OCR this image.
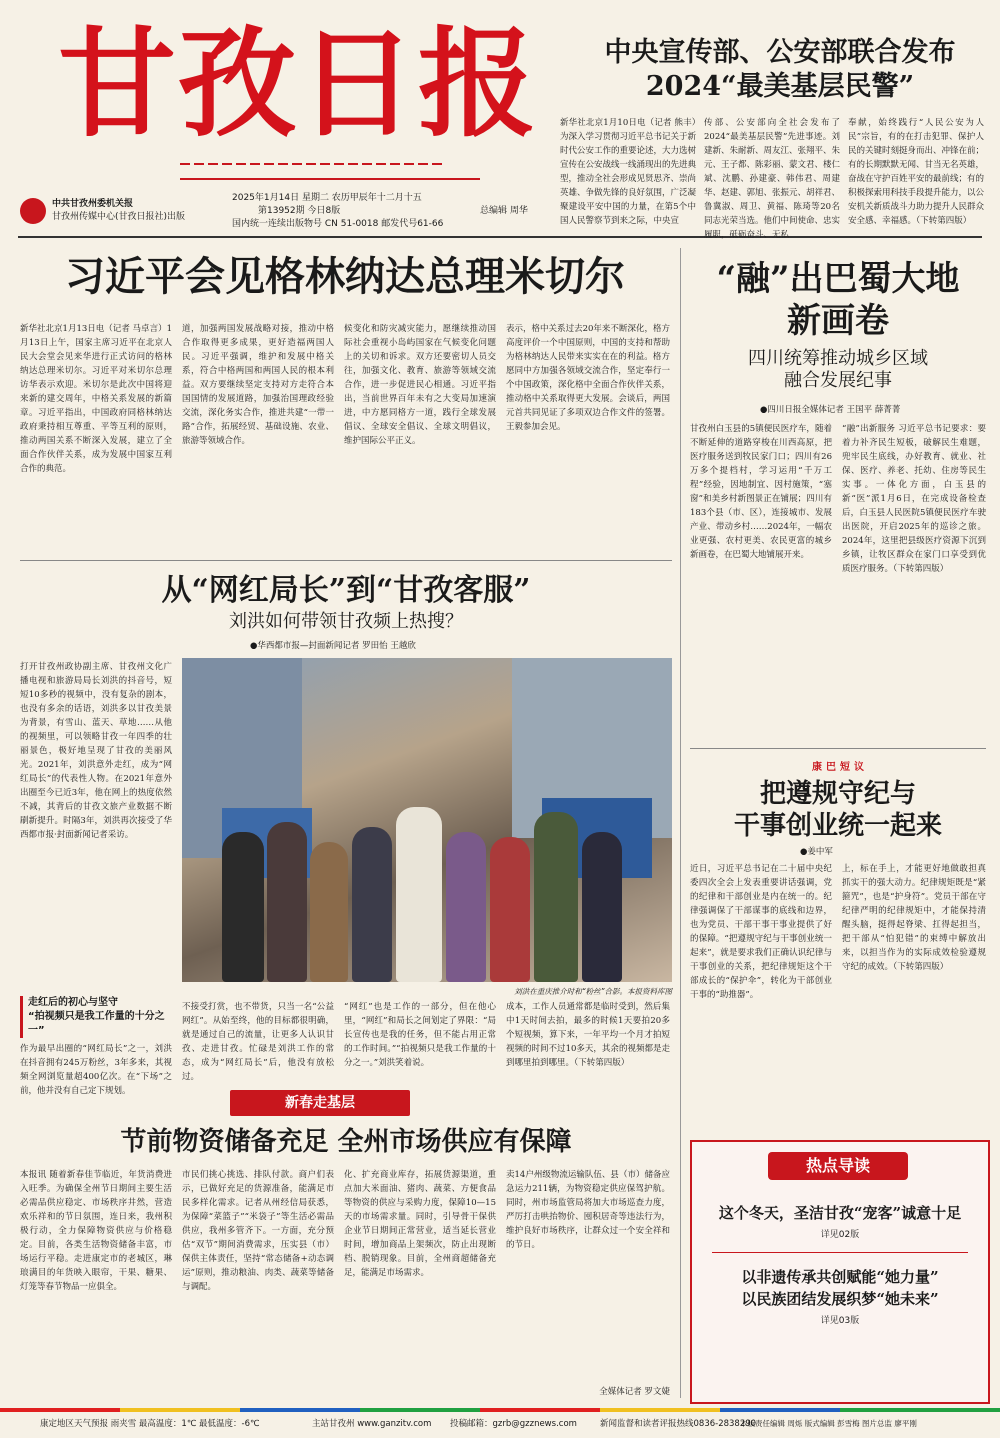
甘孜日报
中共甘孜州委机关报
甘孜州传媒中心(甘孜日报社)出版
2025年1月14日 星期二 农历甲辰年十二月十五
第13952期 今日8版
国内统一连续出版物号 CN 51-0018 邮发代号61-66
总编辑 周华
中央宣传部、公安部联合发布
2024“最美基层民警”
新华社北京1月10日电（记者 熊丰）为深入学习贯彻习近平总书记关于新时代公安工作的重要论述，大力选树宣传在公安战线一线涌现出的先进典型，推动全社会形成见贤思齐、崇尚英雄、争做先锋的良好氛围，广泛凝聚建设平安中国的力量，在第5个中国人民警察节到来之际，中央宣
传部、公安部向全社会发布了2024“最美基层民警”先进事迹。刘建新、朱耐新、周友江、张翔平、朱元、王子都、陈彩丽、蒙文君、楼仁斌、沈鹏、孙建豪、韩伟君、周建华、赵建、郭旭、张振元、胡祥君、鲁冀淑、周卫、黄福、陈琦等20名同志光荣当选。他们中间使命、忠实履职，砥砺奋斗、无私
奉献，始终践行“人民公安为人民”宗旨，有的在打击犯罪、保护人民的关键时刻挺身而出、冲锋在前；有的长期默默无闻、甘当无名英雄，奋战在守护百姓平安的最前线；有的积极探索用科技手段提升能力，以公安机关新质战斗力助力提升人民群众安全感、幸福感。（下转第四版）
习近平会见格林纳达总理米切尔
新华社北京1月13日电（记者 马卓言）1月13日上午，国家主席习近平在北京人民大会堂会见来华进行正式访问的格林纳达总理米切尔。习近平对米切尔总理访华表示欢迎。米切尔是此次中国将迎来新的建交周年，中格关系发展的新篇章。习近平指出，中国政府同格林纳达政府秉持相互尊重、平等互利的原则，推动两国关系不断深入发展，建立了全面合作伙伴关系，成为发展中国家互利合作的典范。
道，加强两国发展战略对接，推动中格合作取得更多成果，更好造福两国人民。习近平强调，维护和发展中格关系，符合中格两国和两国人民的根本利益。双方要继续坚定支持对方走符合本国国情的发展道路，加强治国理政经验交流，深化务实合作，推进共建“一带一路”合作，拓展经贸、基础设施、农业、旅游等领域合作。
候变化和防灾减灾能力，愿继续推动国际社会重视小岛屿国家在气候变化问题上的关切和诉求。双方还要密切人员交往，加强文化、教育、旅游等领域交流合作，进一步促进民心相通。习近平指出，当前世界百年未有之大变局加速演进，中方愿同格方一道，践行全球发展倡议、全球安全倡议、全球文明倡议，维护国际公平正义。
表示，格中关系过去20年来不断深化，格方高度评价一个中国原则，中国的支持和帮助为格林纳达人民带来实实在在的利益。格方愿同中方加强各领域交流合作，坚定奉行一个中国政策，深化格中全面合作伙伴关系，推动格中关系取得更大发展。会谈后，两国元首共同见证了多项双边合作文件的签署。王毅参加会见。
“融”出巴蜀大地
新画卷
四川统筹推动城乡区域
融合发展纪事
●四川日报全媒体记者 王国平 薛菁菁
甘孜州白玉县的5镇便民医疗车，随着不断延伸的道路穿梭在川西高原，把医疗服务送到牧民家门口；四川有26万多个提档村，学习运用“千万工程”经验，因地制宜、因村施策，“塞窗”和美乡村新图景正在铺展；四川有183个县（市、区），连接城市、发展产业、带动乡村……2024年，一幅农业更强、农村更美、农民更富的城乡新画卷，在巴蜀大地铺展开来。
“融”出新服务 习近平总书记要求：要着力补齐民生短板，破解民生难题，兜牢民生底线，办好教育、就业、社保、医疗、养老、托幼、住房等民生实事。一体化方面，白玉县的新“医”派1月6日，在完成设备检查后，白玉县人民医院5镇便民医疗车驶出医院，开启2025年的巡诊之旅。2024年，这里把县级医疗资源下沉到乡镇，让牧区群众在家门口享受到优质医疗服务。（下转第四版）
从“网红局长”到“甘孜客服”
刘洪如何带领甘孜频上热搜？
●华西都市报—封面新闻记者 罗田怡 王越欣
打开甘孜州政协副主席、甘孜州文化广播电视和旅游局局长刘洪的抖音号，短短10多秒的视频中，没有复杂的剧本，也没有多余的话语，刘洪多以甘孜美景为背景，有雪山、蓝天、草地……从他的视频里，可以领略甘孜一年四季的壮丽景色，极好地呈现了甘孜的美丽风光。2021年，刘洪意外走红，成为“网红局长”的代表性人物。在2021年意外出圈至今已近3年，他在网上的热度依然不减，其背后的甘孜文旅产业数据不断刷新提升。时隔3年，刘洪再次接受了华西都市报·封面新闻记者采访。
刘洪在重庆推介时和“粉丝”合影。本报资料库图
走红后的初心与坚守
“拍视频只是我工作量的十分之一”
作为最早出圈的“网红局长”之一，刘洪在抖音拥有245万粉丝，3年多来，其视频全网浏览量超400亿次。在“下场”之前，他并没有自己定下规划。
不接受打赏，也不带货，只当一名“公益网红”。从始至终，他的目标都很明确，就是通过自己的流量，让更多人认识甘孜、走进甘孜。忙碌是刘洪工作的常态，成为“网红局长”后，他没有放松过。
“网红”也是工作的一部分，但在他心里，“网红”和局长之间划定了界限：“局长宣传也是我的任务，但不能占用正常的工作时间。”“拍视频只是我工作量的十分之一。”刘洪笑着说。
成本，工作人员通常都是临时受到，然后集中1天时间去拍，最多的时候1天要拍20多个短视频，算下来，一年平均一个月才拍短视频的时间不过10多天，其余的视频都是走到哪里拍到哪里。（下转第四版）
新春走基层
节前物资储备充足 全州市场供应有保障
本报讯 随着新春佳节临近，年货消费进入旺季。为确保全州节日期间主要生活必需品供应稳定、市场秩序井然，营造欢乐祥和的节日氛围，连日来，我州积极行动，全力保障物资供应与价格稳定。目前，各类生活物资储备丰富，市场运行平稳。走进康定市的老城区，琳琅满目的年货映入眼帘，干果、糖果、灯笼等春节物品一应俱全。
市民们挑心挑选、排队付款。商户们表示，已做好充足的货源准备，能满足市民多样化需求。记者从州经信局获悉，为保障“菜篮子”“米袋子”等生活必需品供应，我州多管齐下。一方面，充分预估“双节”期间消费需求，压实县（市）保供主体责任，坚持“常态储备+动态调运”原则，推动粮油、肉类、蔬菜等储备与调配。
化、扩充商业库存，拓展货源渠道，重点加大米面油、猪肉、蔬菜、方便食品等物资的供应与采购力度，保障10—15天的市场需求量。同时，引导骨干保供企业节日期间正常营业，适当延长营业时间，增加商品上架频次，防止出现断档、脱销现象。目前，全州商超储备充足，能满足市场需求。
卖14户州级物流运输队伍、县（市）储备应急运力211辆，为物资稳定供应保驾护航。同时，州市场监管局将加大市场巡查力度，严厉打击哄抬物价、囤积居奇等违法行为，维护良好市场秩序，让群众过一个安全祥和的节日。
全媒体记者 罗文婕
康巴短议
把遵规守纪与
干事创业统一起来
●姜中军
近日，习近平总书记在二十届中央纪委四次全会上发表重要讲话强调，党的纪律和干部创业是内在统一的。纪律强调保了干部谋事的底线和边界，也为党员、干部干事干事业提供了好的保障。“把遵规守纪与干事创业统一起来”，就是要求我们正确认识纪律与干事创业的关系，把纪律规矩这个干部成长的“保护伞”，转化为干部创业干事的“助推器”。
上，标在手上，才能更好地做敢担真抓实干的强大动力。纪律规矩既是“紧箍咒”，也是“护身符”。党员干部在守纪律严明的纪律规矩中，才能保持清醒头脑，挺得起脊梁、扛得起担当，把干部从“怕犯错”的束缚中解放出来，以担当作为的实际成效检验遵规守纪的成效。（下转第四版）
热点导读
这个冬天，圣洁甘孜“宠客”诚意十足
详见02版
以非遗传承共创赋能“她力量”
以民族团结发展织梦“她未来”
详见03版
康定地区天气预报 雨夹雪 最高温度：1℃ 最低温度：-6℃	主站甘孜州 www.ganzitv.com 投稿邮箱：gzrb@gzznews.com	新闻监督和读者评报热线0836-2838290
本版责任编辑 周烁 版式编辑 彭雪梅 图片总监 廖平刚
